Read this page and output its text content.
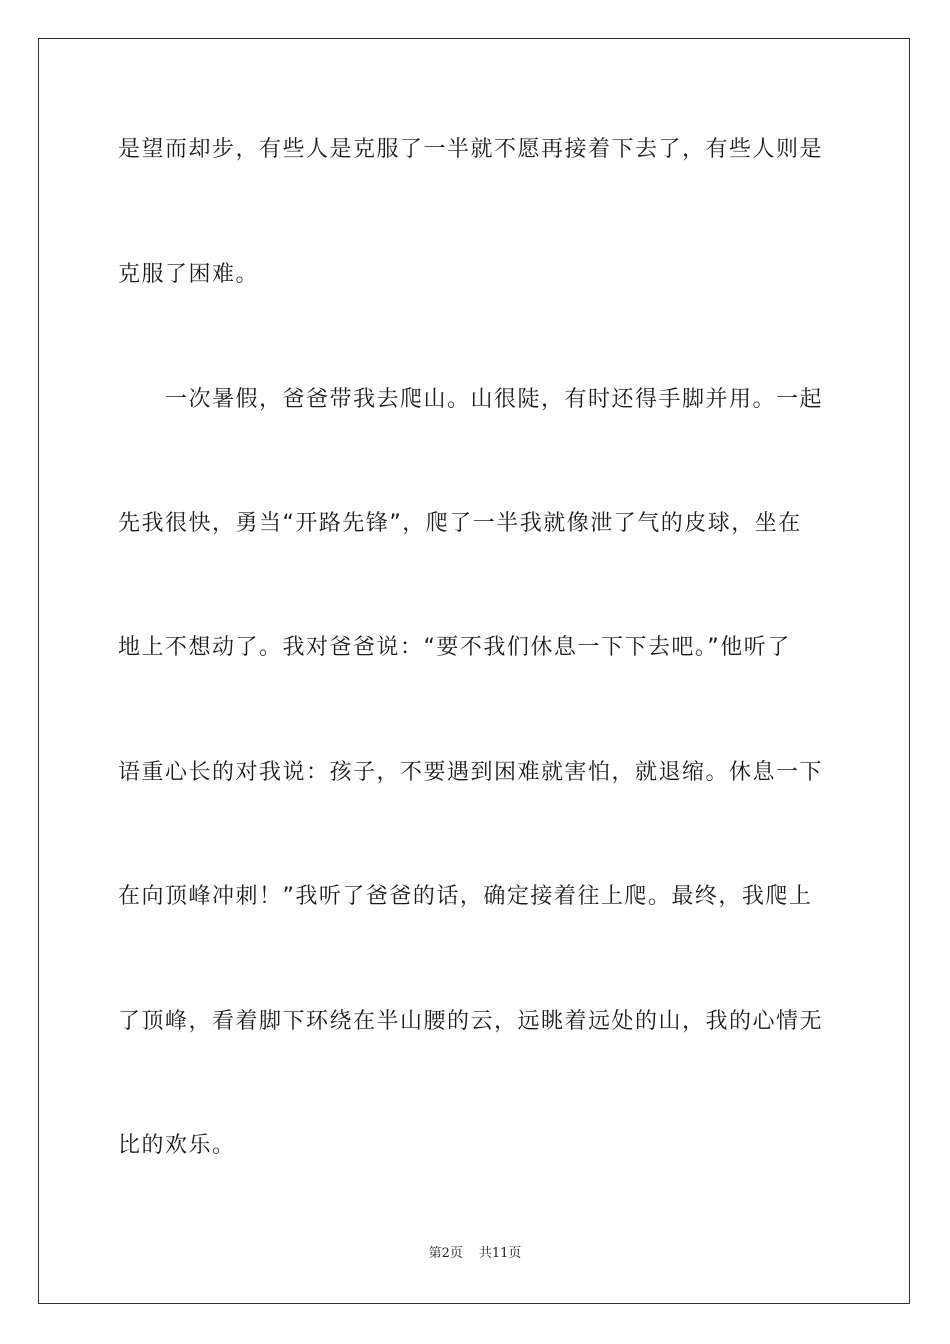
是望而却步，有些人是克服了一半就不愿再接着下去了，有些人则是
克服了困难。
　　一次暑假，爸爸带我去爬山。山很陡，有时还得手脚并用。一起
先我很快，勇当“开路先锋”，爬了一半我就像泄了气的皮球，坐在
地上不想动了。我对爸爸说：“要不我们休息一下下去吧。”他听了
语重心长的对我说：孩子，不要遇到困难就害怕，就退缩。休息一下
在向顶峰冲刺！”我听了爸爸的话，确定接着往上爬。最终，我爬上
了顶峰，看着脚下环绕在半山腰的云，远眺着远处的山，我的心情无
比的欢乐。
第2页 共11页
